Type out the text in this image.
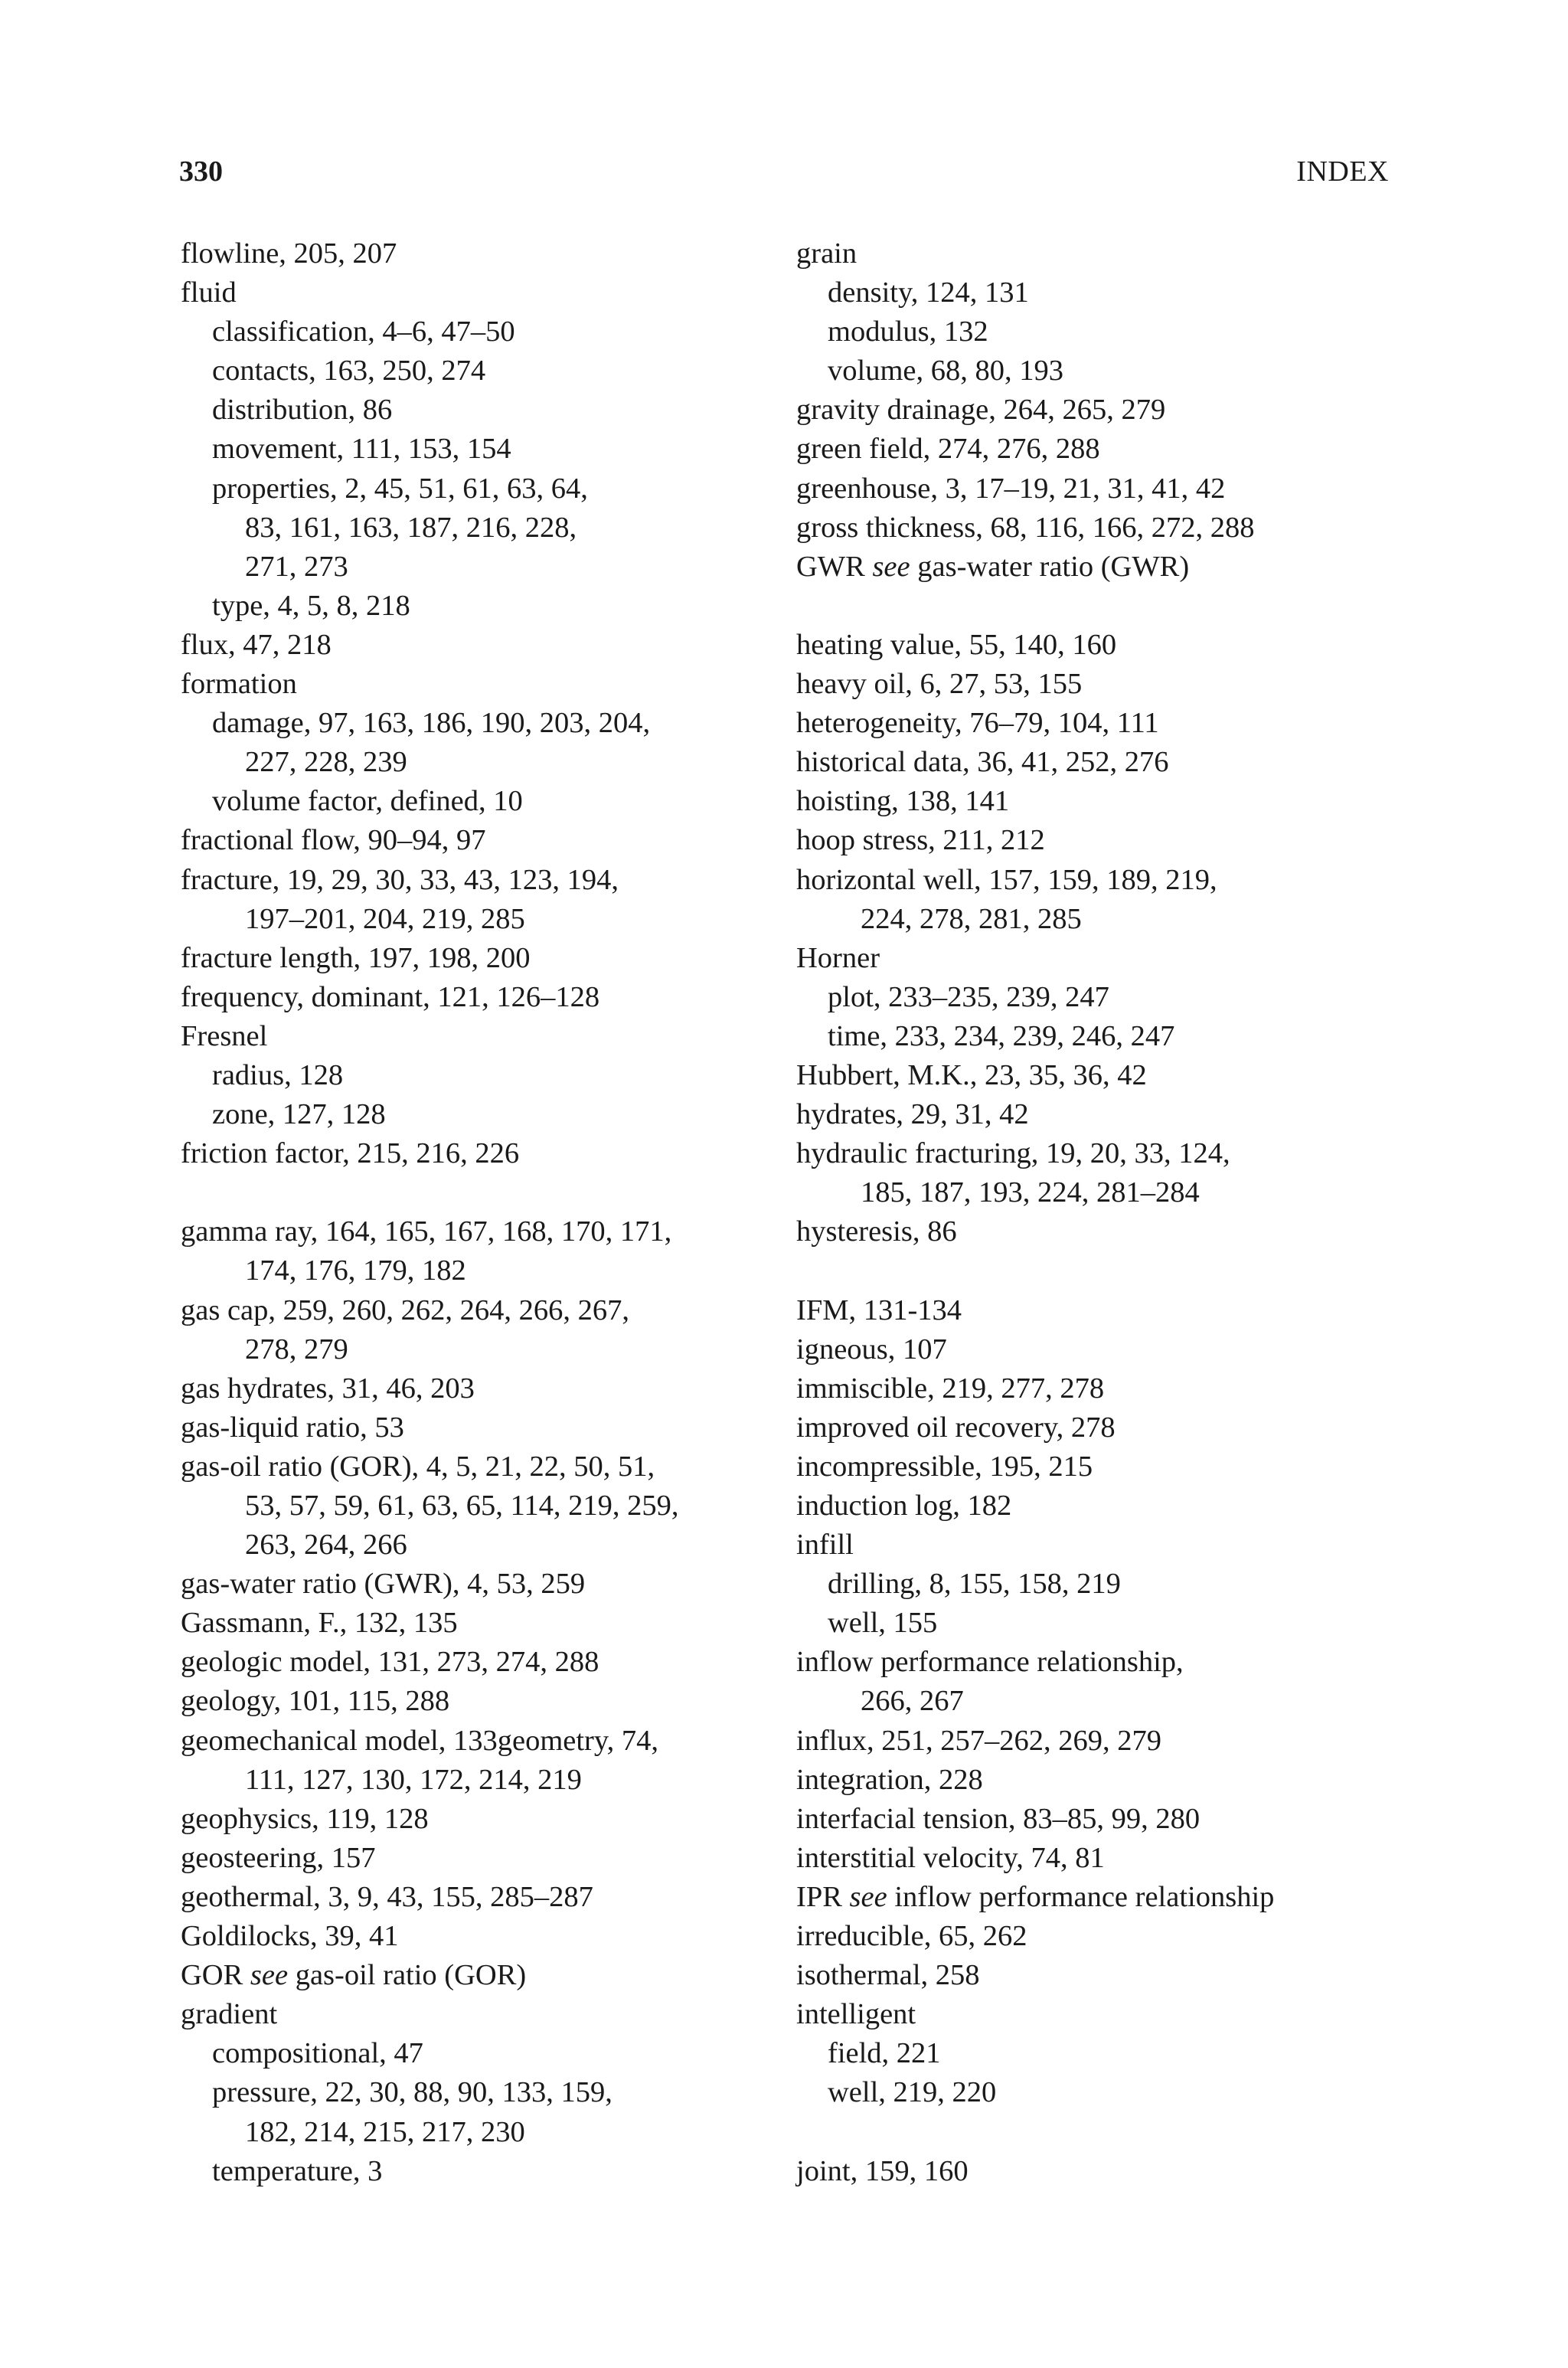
330	INDEX
flowline, 205, 207
fluid
classification, 4–6, 47–50
contacts, 163, 250, 274
distribution, 86
movement, 111, 153, 154
properties, 2, 45, 51, 61, 63, 64,
83, 161, 163, 187, 216, 228,
271, 273
type, 4, 5, 8, 218
flux, 47, 218
formation
damage, 97, 163, 186, 190, 203, 204,
227, 228, 239
volume factor, defined, 10
fractional flow, 90–94, 97
fracture, 19, 29, 30, 33, 43, 123, 194,
197–201, 204, 219, 285
fracture length, 197, 198, 200
frequency, dominant, 121, 126–128
Fresnel
radius, 128
zone, 127, 128
friction factor, 215, 216, 226
gamma ray, 164, 165, 167, 168, 170, 171,
174, 176, 179, 182
gas cap, 259, 260, 262, 264, 266, 267,
278, 279
gas hydrates, 31, 46, 203
gas-liquid ratio, 53
gas-oil ratio (GOR), 4, 5, 21, 22, 50, 51,
53, 57, 59, 61, 63, 65, 114, 219, 259,
263, 264, 266
gas-water ratio (GWR), 4, 53, 259
Gassmann, F., 132, 135
geologic model, 131, 273, 274, 288
geology, 101, 115, 288
geomechanical model, 133geometry, 74,
111, 127, 130, 172, 214, 219
geophysics, 119, 128
geosteering, 157
geothermal, 3, 9, 43, 155, 285–287
Goldilocks, 39, 41
GOR see gas-oil ratio (GOR)
gradient
compositional, 47
pressure, 22, 30, 88, 90, 133, 159,
182, 214, 215, 217, 230
temperature, 3
grain
density, 124, 131
modulus, 132
volume, 68, 80, 193
gravity drainage, 264, 265, 279
green field, 274, 276, 288
greenhouse, 3, 17–19, 21, 31, 41, 42
gross thickness, 68, 116, 166, 272, 288
GWR see gas-water ratio (GWR)
heating value, 55, 140, 160
heavy oil, 6, 27, 53, 155
heterogeneity, 76–79, 104, 111
historical data, 36, 41, 252, 276
hoisting, 138, 141
hoop stress, 211, 212
horizontal well, 157, 159, 189, 219,
224, 278, 281, 285
Horner
plot, 233–235, 239, 247
time, 233, 234, 239, 246, 247
Hubbert, M.K., 23, 35, 36, 42
hydrates, 29, 31, 42
hydraulic fracturing, 19, 20, 33, 124,
185, 187, 193, 224, 281–284
hysteresis, 86
IFM, 131-134
igneous, 107
immiscible, 219, 277, 278
improved oil recovery, 278
incompressible, 195, 215
induction log, 182
infill
drilling, 8, 155, 158, 219
well, 155
inflow performance relationship,
266, 267
influx, 251, 257–262, 269, 279
integration, 228
interfacial tension, 83–85, 99, 280
interstitial velocity, 74, 81
IPR see inflow performance relationship
irreducible, 65, 262
isothermal, 258
intelligent
field, 221
well, 219, 220
joint, 159, 160
